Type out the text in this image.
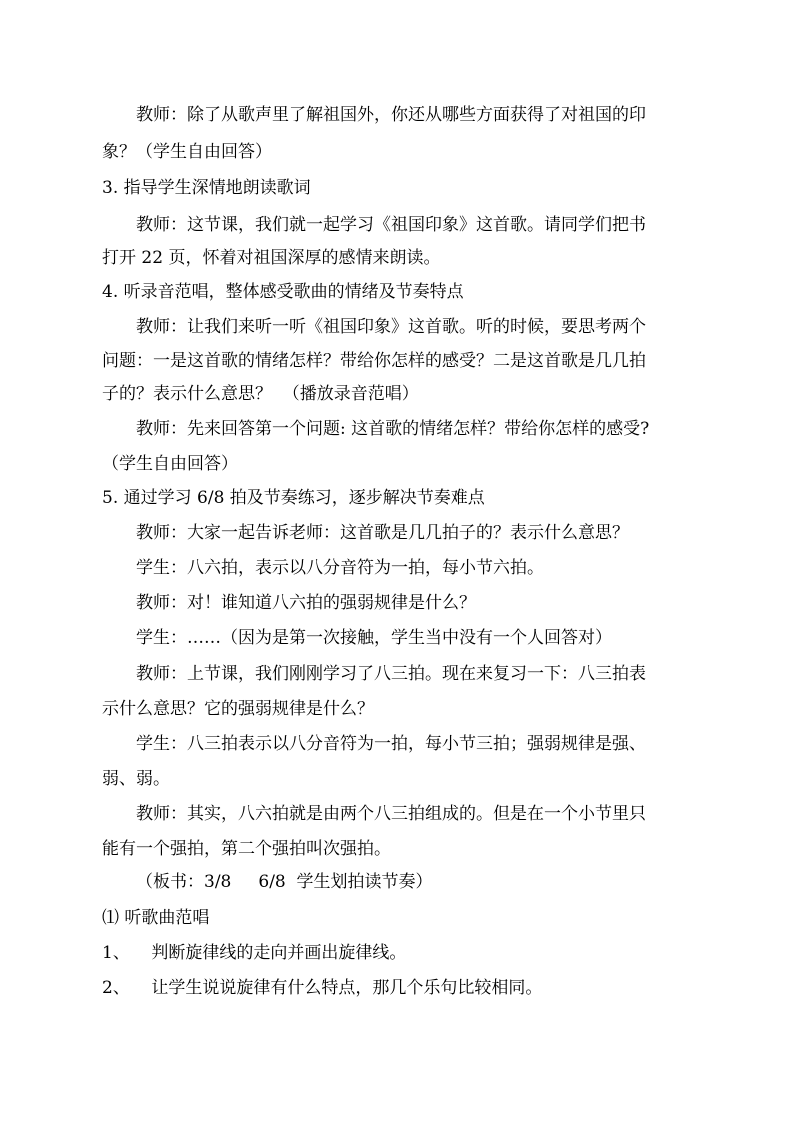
教师：除了从歌声里了解祖国外，你还从哪些方面获得了对祖国的印
象？（学生自由回答）
3. 指导学生深情地朗读歌词
教师：这节课，我们就一起学习《祖国印象》这首歌。请同学们把书
打开 22 页，怀着对祖国深厚的感情来朗读。
4. 听录音范唱，整体感受歌曲的情绪及节奏特点
教师：让我们来听一听《祖国印象》这首歌。听的时候，要思考两个
问题：一是这首歌的情绪怎样？带给你怎样的感受？二是这首歌是几几拍
子的？表示什么意思？  （播放录音范唱）
教师：先来回答第一个问题: 这首歌的情绪怎样？带给你怎样的感受?
（学生自由回答）
5. 通过学习 6/8 拍及节奏练习，逐步解决节奏难点
教师：大家一起告诉老师：这首歌是几几拍子的？表示什么意思？
学生：八六拍，表示以八分音符为一拍，每小节六拍。
教师：对！谁知道八六拍的强弱规律是什么？
学生：……（因为是第一次接触，学生当中没有一个人回答对）
教师：上节课，我们刚刚学习了八三拍。现在来复习一下：八三拍表
示什么意思？它的强弱规律是什么？
学生：八三拍表示以八分音符为一拍，每小节三拍；强弱规律是强、
弱、弱。
教师：其实，八六拍就是由两个八三拍组成的。但是在一个小节里只
能有一个强拍，第二个强拍叫次强拍。
（板书：3/8     6/8  学生划拍读节奏）
⑴ 听歌曲范唱
1、    判断旋律线的走向并画出旋律线。
2、    让学生说说旋律有什么特点，那几个乐句比较相同。
